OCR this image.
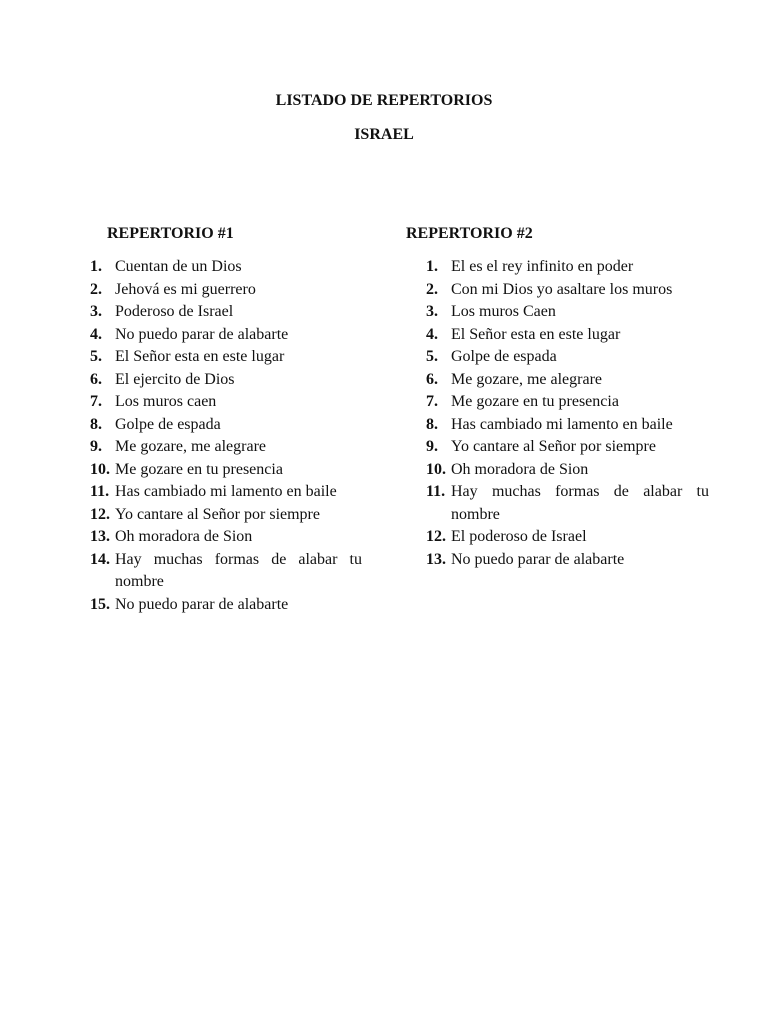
LISTADO DE REPERTORIOS
ISRAEL
REPERTORIO #1
1. Cuentan de un Dios
2. Jehová es mi guerrero
3. Poderoso de Israel
4. No puedo parar de alabarte
5. El Señor esta en este lugar
6. El ejercito de Dios
7. Los muros caen
8. Golpe de espada
9. Me gozare, me alegrare
10. Me gozare en tu presencia
11. Has cambiado mi lamento en baile
12. Yo cantare al Señor por siempre
13. Oh moradora de Sion
14. Hay muchas formas de alabar tu nombre
15. No puedo parar de alabarte
REPERTORIO #2
1. El es el rey infinito en poder
2. Con mi Dios yo asaltare los muros
3. Los muros Caen
4. El Señor esta en este lugar
5. Golpe de espada
6. Me gozare, me alegrare
7. Me gozare en tu presencia
8. Has cambiado mi lamento en baile
9. Yo cantare al Señor por siempre
10. Oh moradora de Sion
11. Hay muchas formas de alabar tu nombre
12. El poderoso de Israel
13. No puedo parar de alabarte
